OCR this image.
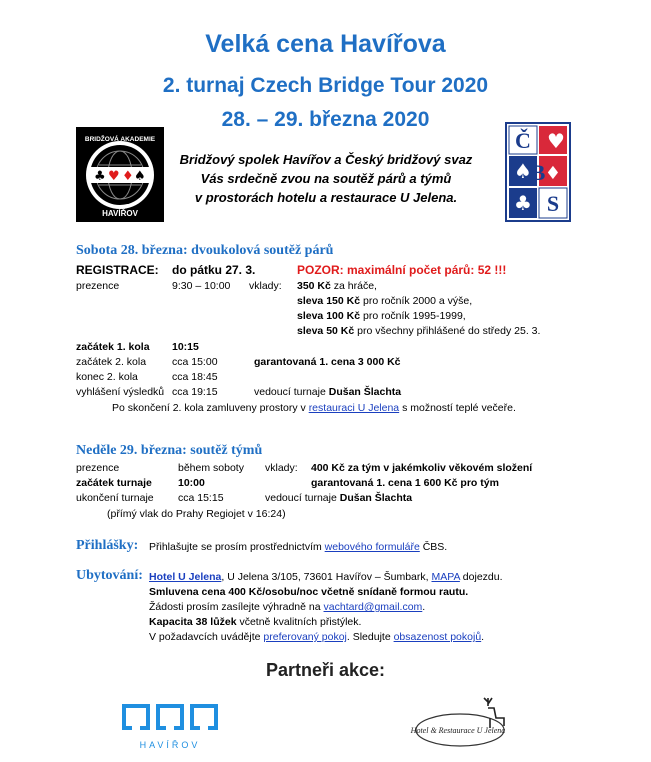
Velká cena Havířova
2. turnaj Czech Bridge Tour 2020
28. – 29. března 2020
♣ ♥ ♦ ♠
BRIDŽOVÁ AKADEMIE
HAVÍŘOV
♥
♠ ♦
♣
Č
B
S
Bridžový spolek Havířov a Český bridžový svaz
Vás srdečně zvou na soutěž párů a týmů
v prostorách hotelu a restaurace U Jelena.
Sobota 28. března: dvoukolová soutěž párů
REGISTRACE: do pátku 27. 3.	POZOR: maximální počet párů: 52 !!!
prezence	9:30 – 10:00 vklady: 350 Kč za hráče,
sleva 150 Kč pro ročník 2000 a výše,
sleva 100 Kč pro ročník 1995-1999,
sleva 50 Kč pro všechny přihlášené do středy 25. 3.
začátek 1. kola 10:15
začátek 2. kola cca 15:00	garantovaná 1. cena 3 000 Kč
konec 2. kola	cca 18:45
vyhlášení výsledků cca 19:15	vedoucí turnaje Dušan Šlachta
Po skončení 2. kola zamluveny prostory v restauraci U Jelena s možností teplé večeře.
Neděle 29. března: soutěž týmů
prezence	během soboty vklady: 400 Kč za tým v jakémkoliv věkovém složení
začátek turnaje 10:00	garantovaná 1. cena 1 600 Kč pro tým
ukončení turnaje cca 15:15	vedoucí turnaje Dušan Šlachta
(přímý vlak do Prahy Regiojet v 16:24)
Přihlášky: Přihlašujte se prosím prostřednictvím webového formuláře ČBS.
Ubytování: Hotel U Jelena, U Jelena 3/105, 73601 Havířov – Šumbark, MAPA dojezdu.
Smluvena cena 400 Kč/osobu/noc včetně snídaně formou rautu.
Žádosti prosím zasílejte výhradně na vachtard@gmail.com.
Kapacita 38 lůžek včetně kvalitních přistýlek.
V požadavcích uvádějte preferovaný pokoj. Sledujte obsazenost pokojů.
Partneři akce:
HAVÍŘOV
Hotel & Restaurace U Jelena
